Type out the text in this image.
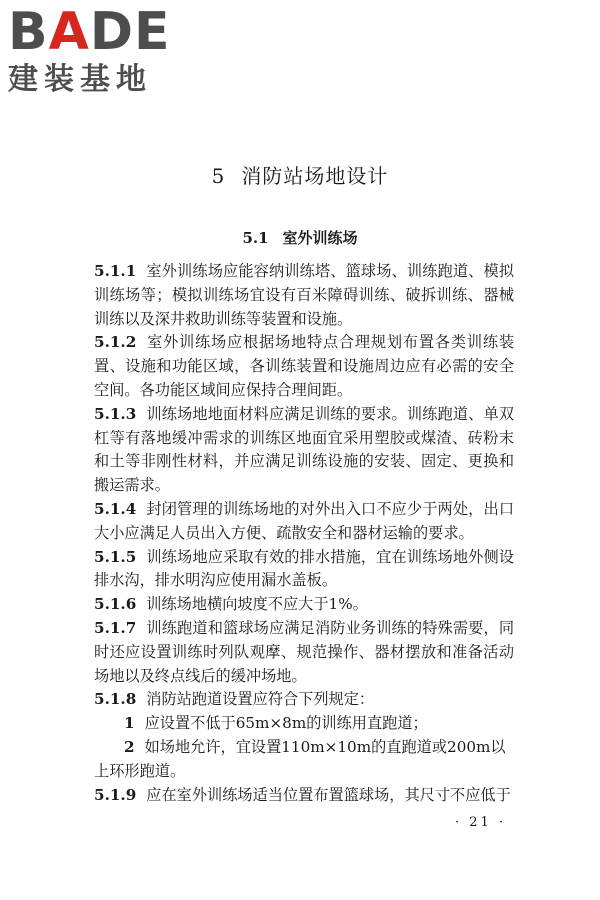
BADE
建装基地
5 消防站场地设计
5.1 室外训练场

5.1.1 室外训练场应能容纳训练塔、篮球场、训练跑道、模拟训练场等；模拟训练场宜设有百米障碍训练、破拆训练、器械训练以及深井救助训练等装置和设施。

5.1.2 室外训练场应根据场地特点合理规划布置各类训练装置、设施和功能区域，各训练装置和设施周边应有必需的安全空间。各功能区域间应保持合理间距。

5.1.3 训练场地地面材料应满足训练的要求。训练跑道、单双杠等有落地缓冲需求的训练区地面宜采用塑胶或煤渣、砖粉末和土等非刚性材料，并应满足训练设施的安装、固定、更换和搬运需求。

5.1.4 封闭管理的训练场地的对外出入口不应少于两处，出口大小应满足人员出入方便、疏散安全和器材运输的要求。

5.1.5 训练场地应采取有效的排水措施，宜在训练场地外侧设排水沟，排水明沟应使用漏水盖板。

5.1.6 训练场地横向坡度不应大于1%。

5.1.7 训练跑道和篮球场应满足消防业务训练的特殊需要，同时还应设置训练时列队观摩、规范操作、器材摆放和准备活动场地以及终点线后的缓冲场地。

5.1.8 消防站跑道设置应符合下列规定：

1 应设置不低于65m×8m的训练用直跑道；

2 如场地允许，宜设置110m×10m的直跑道或200m以上环形跑道。

5.1.9 应在室外训练场适当位置布置篮球场，其尺寸不应低于

· 21 ·
